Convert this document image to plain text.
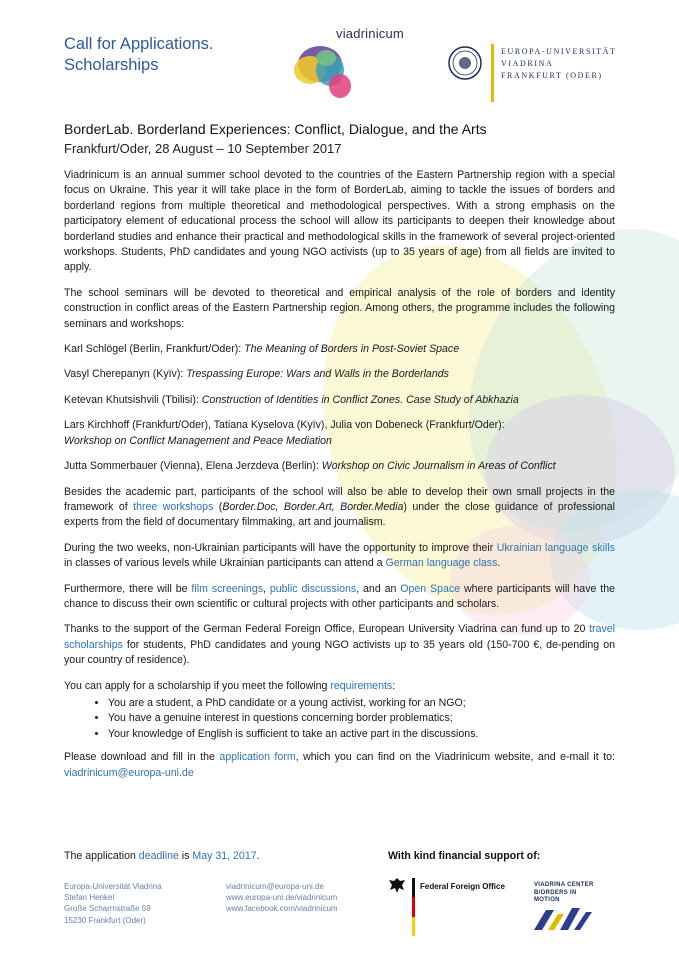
Call for Applications.
Scholarships
viadrinicum
EUROPA-UNIVERSITÄT
VIADRINA
FRANKFURT (ODER)
BorderLab. Borderland Experiences: Conflict, Dialogue, and the Arts
Frankfurt/Oder, 28 August – 10 September 2017

Viadrinicum is an annual summer school devoted to the countries of the Eastern Partnership region with a special focus on Ukraine. This year it will take place in the form of BorderLab, aiming to tackle the issues of borders and borderland regions from multiple theoretical and methodological perspectives. With a strong emphasis on the participatory element of educational process the school will allow its participants to deepen their knowledge about borderland studies and enhance their practical and methodological skills in the framework of several project-oriented workshops. Students, PhD candidates and young NGO activists (up to 35 years of age) from all fields are invited to apply.

The school seminars will be devoted to theoretical and empirical analysis of the role of borders and identity construction in conflict areas of the Eastern Partnership region. Among others, the programme includes the following seminars and workshops:

Karl Schlögel (Berlin, Frankfurt/Oder): The Meaning of Borders in Post-Soviet Space
Vasyl Cherepanyn (Kyïv): Trespassing Europe: Wars and Walls in the Borderlands
Ketevan Khutsishvili (Tbilisi): Construction of Identities in Conflict Zones. Case Study of Abkhazia
Lars Kirchhoff (Frankfurt/Oder), Tatiana Kyselova (Kyïv), Julia von Dobeneck (Frankfurt/Oder):
Workshop on Conflict Management and Peace Mediation
Jutta Sommerbauer (Vienna), Elena Jerzdeva (Berlin): Workshop on Civic Journalism in Areas of Conflict

Besides the academic part, participants of the school will also be able to develop their own small projects in the framework of three workshops (Border.Doc, Border.Art, Border.Media) under the close guidance of professional experts from the field of documentary filmmaking, art and journalism.

During the two weeks, non-Ukrainian participants will have the opportunity to improve their Ukrainian language skills in classes of various levels while Ukrainian participants can attend a German language class.

Furthermore, there will be film screenings, public discussions, and an Open Space where participants will have the chance to discuss their own scientific or cultural projects with other participants and scholars.

Thanks to the support of the German Federal Foreign Office, European University Viadrina can fund up to 20 travel scholarships for students, PhD candidates and young NGO activists up to 35 years old (150-700 €, de-pending on your country of residence).

You can apply for a scholarship if you meet the following requirements:

• You are a student, a PhD candidate or a young activist, working for an NGO;
• You have a genuine interest in questions concerning border problematics;
• Your knowledge of English is sufficient to take an active part in the discussions.

Please download and fill in the application form, which you can find on the Viadrinicum website, and e-mail it to: viadrinicum@europa-uni.de

The application deadline is May 31, 2017.	With kind financial support of:
Europa-Universität Viadrina
Stefan Henkel
Große Scharrnstraße 59
15230 Frankfurt (Oder)
viadrinicum@europa-uni.de
www.europa-uni.de/viadrinicum
www.facebook.com/viadrinicum
Federal Foreign Office	VIADRINA CENTER
B/ORDERS IN
MOTION
